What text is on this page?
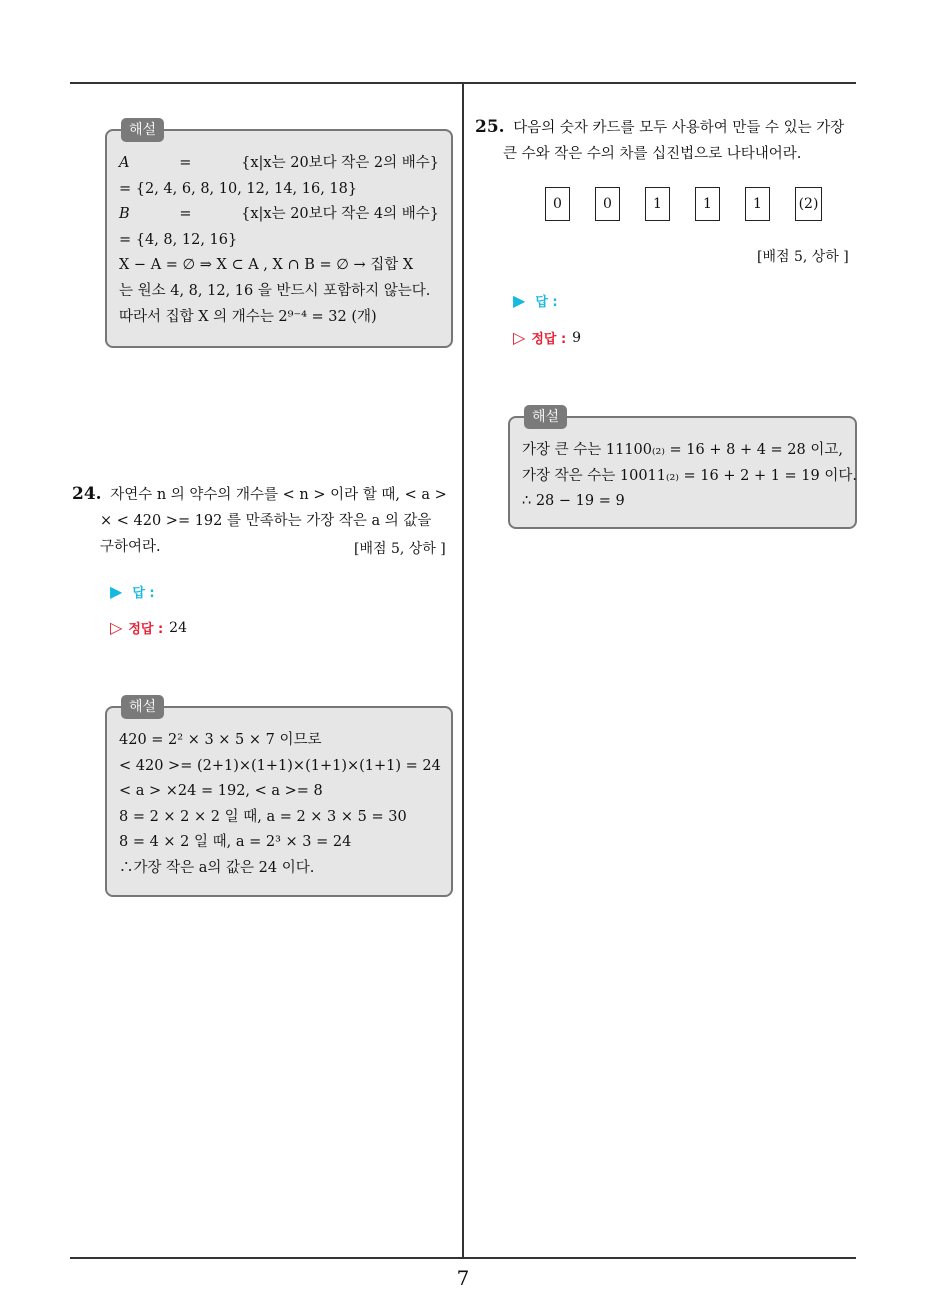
해설
A	=	{x|x는 20보다 작은 2의 배수}
= {2, 4, 6, 8, 10, 12, 14, 16, 18}
B	=	{x|x는 20보다 작은 4의 배수}
= {4, 8, 12, 16}
X − A = ∅ ⇒ X ⊂ A , X ∩ B = ∅ → 집합 X
는 원소 4, 8, 12, 16 을 반드시 포함하지 않는다.
따라서 집합 X 의 개수는 2⁹⁻⁴ = 32 (개)
24. 자연수 n 의 약수의 개수를 < n > 이라 할 때, < a >
× < 420 >= 192 를 만족하는 가장 작은 a 의 값을
구하여라.	[배점 5, 상하 ]
▶ 답 :
▷ 정답 : 24
해설
420 = 2² × 3 × 5 × 7 이므로
< 420 >= (2+1)×(1+1)×(1+1)×(1+1) = 24
< a > ×24 = 192, < a >= 8
8 = 2 × 2 × 2 일 때, a = 2 × 3 × 5 = 30
8 = 4 × 2 일 때, a = 2³ × 3 = 24
∴가장 작은 a의 값은 24 이다.
25. 다음의 숫자 카드를 모두 사용하여 만들 수 있는 가장
큰 수와 작은 수의 차를 십진법으로 나타내어라.
0	0	1	1	1	(2)
[배점 5, 상하 ]
▶ 답 :
▷ 정답 : 9
해설
가장 큰 수는 11100₍₂₎ = 16 + 8 + 4 = 28 이고,
가장 작은 수는 10011₍₂₎ = 16 + 2 + 1 = 19 이다.
∴ 28 − 19 = 9
7
